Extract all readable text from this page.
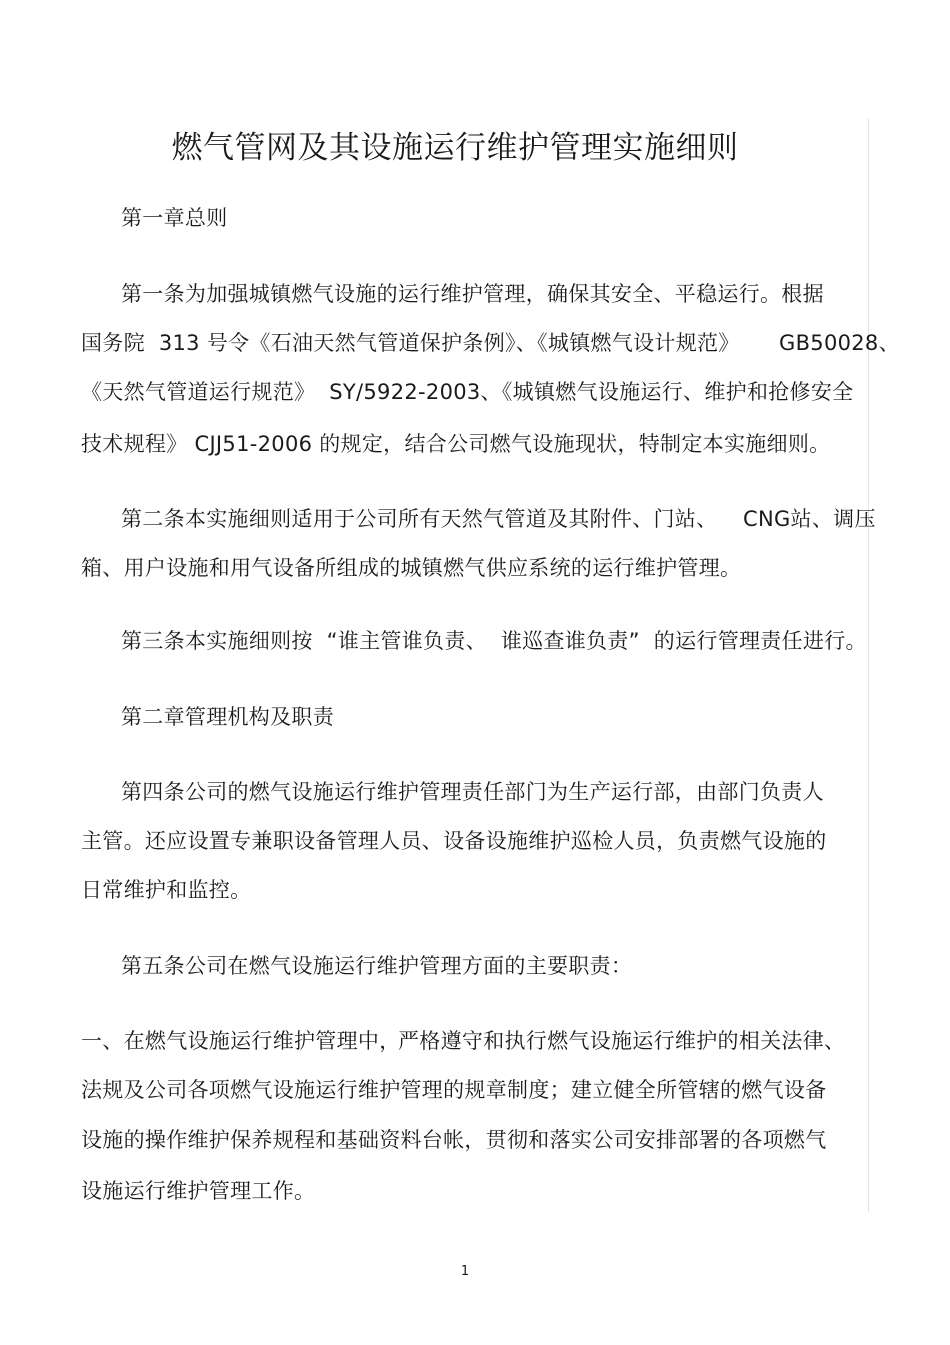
燃气管网及其设施运行维护管理实施细则
第一章总则
第一条为加强城镇燃气设施的运行维护管理，确保其安全、平稳运行。根据
国务院  313 号令《石油天然气管道保护条例》、《城镇燃气设计规范》 GB50028、
《天然气管道运行规范》  SY/5922-2003、《城镇燃气设施运行、维护和抢修安全
技术规程》 CJJ51-2006 的规定，结合公司燃气设施现状，特制定本实施细则。
第二条本实施细则适用于公司所有天然气管道及其附件、门站、 CNG站、调压
箱、用户设施和用气设备所组成的城镇燃气供应系统的运行维护管理。
第三条本实施细则按  “谁主管谁负责、  谁巡查谁负责”  的运行管理责任进行。
第二章管理机构及职责
第四条公司的燃气设施运行维护管理责任部门为生产运行部，由部门负责人
主管。还应设置专兼职设备管理人员、设备设施维护巡检人员，负责燃气设施的
日常维护和监控。
第五条公司在燃气设施运行维护管理方面的主要职责：
一、在燃气设施运行维护管理中，
严格遵守和执行燃气设施运行维护的相关法律、
法规及公司各项燃气设施运行维护管理的规章制度；建立健全所管辖的燃气设备
设施的操作维护保养规程和基础资料台帐，贯彻和落实公司安排部署的各项燃气
设施运行维护管理工作。
1
